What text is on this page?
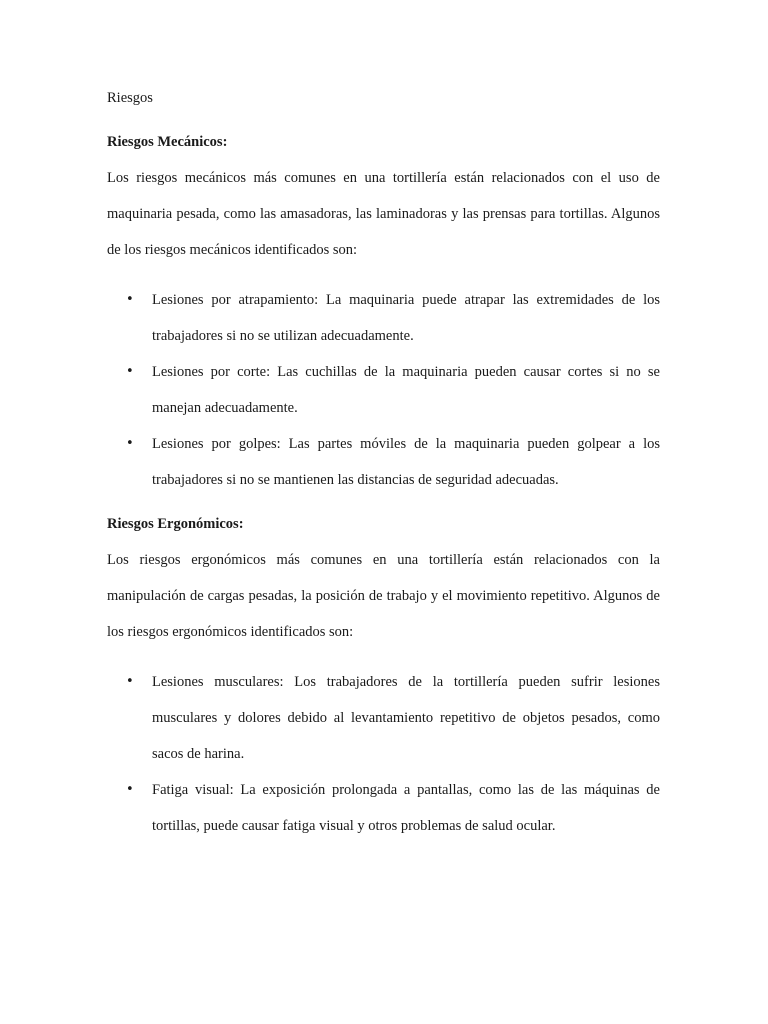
Riesgos

Riesgos Mecánicos:

Los riesgos mecánicos más comunes en una tortillería están relacionados con el uso de maquinaria pesada, como las amasadoras, las laminadoras y las prensas para tortillas. Algunos de los riesgos mecánicos identificados son:

• Lesiones por atrapamiento: La maquinaria puede atrapar las extremidades de los trabajadores si no se utilizan adecuadamente.
• Lesiones por corte: Las cuchillas de la maquinaria pueden causar cortes si no se manejan adecuadamente.
• Lesiones por golpes: Las partes móviles de la maquinaria pueden golpear a los trabajadores si no se mantienen las distancias de seguridad adecuadas.

Riesgos Ergonómicos:

Los riesgos ergonómicos más comunes en una tortillería están relacionados con la manipulación de cargas pesadas, la posición de trabajo y el movimiento repetitivo. Algunos de los riesgos ergonómicos identificados son:

• Lesiones musculares: Los trabajadores de la tortillería pueden sufrir lesiones musculares y dolores debido al levantamiento repetitivo de objetos pesados, como sacos de harina.
• Fatiga visual: La exposición prolongada a pantallas, como las de las máquinas de tortillas, puede causar fatiga visual y otros problemas de salud ocular.
